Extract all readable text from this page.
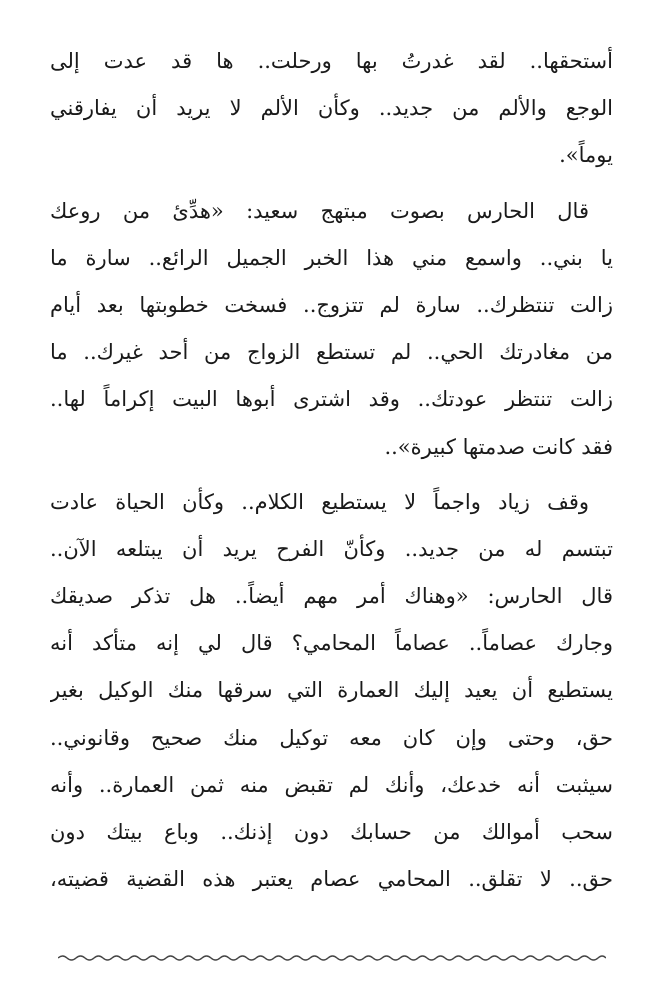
أستحقها.. لقد غدرتُ بها ورحلت.. ها قد عدت إلى
الوجع والألم من جديد.. وكأن الألم لا يريد أن يفارقني
يوماً».
قال الحارس بصوت مبتهج سعيد: «هدِّئ من روعك
يا بني.. واسمع مني هذا الخبر الجميل الرائع.. سارة ما
زالت تنتظرك.. سارة لم تتزوج.. فسخت خطوبتها بعد أيام
من مغادرتك الحي.. لم تستطع الزواج من أحد غيرك.. ما
زالت تنتظر عودتك.. وقد اشترى أبوها البيت إكراماً لها..
فقد كانت صدمتها كبيرة»..
وقف زياد واجماً لا يستطيع الكلام.. وكأن الحياة عادت
تبتسم له من جديد.. وكأنّ الفرح يريد أن يبتلعه الآن..
قال الحارس: «وهناك أمر مهم أيضاً.. هل تذكر صديقك
وجارك عصاماً.. عصاماً المحامي؟ قال لي إنه متأكد أنه
يستطيع أن يعيد إليك العمارة التي سرقها منك الوكيل بغير
حق، وحتى وإن كان معه توكيل منك صحيح وقانوني..
سيثبت أنه خدعك، وأنك لم تقبض منه ثمن العمارة.. وأنه
سحب أموالك من حسابك دون إذنك.. وباع بيتك دون
حق.. لا تقلق.. المحامي عصام يعتبر هذه القضية قضيته،
